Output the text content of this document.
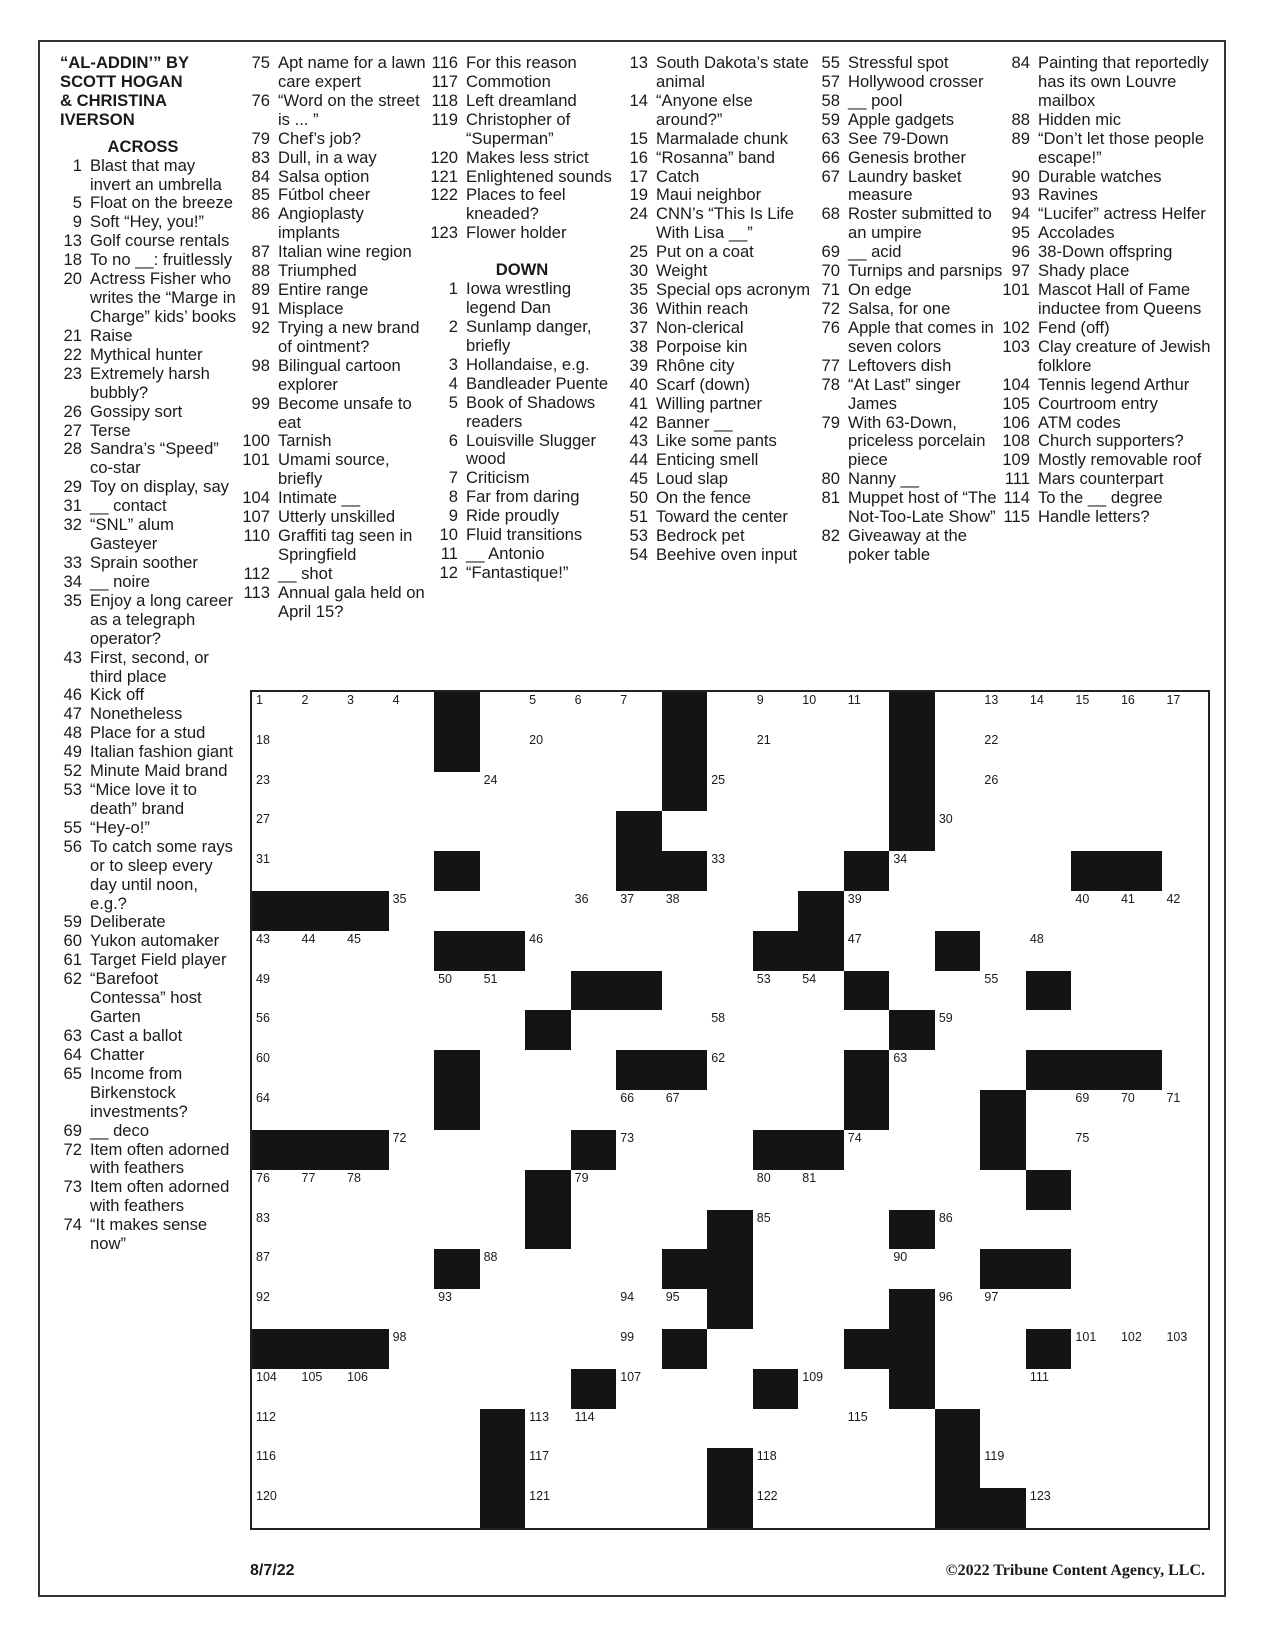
“AL-ADDIN’” BY
SCOTT HOGAN
& CHRISTINA
IVERSON
ACROSS
1 Blast that may invert an umbrella
5 Float on the breeze
9 Soft “Hey, you!”
13 Golf course rentals
18 To no __: fruitlessly
20 Actress Fisher who writes the “Marge in Charge” kids’ books
21 Raise
22 Mythical hunter
23 Extremely harsh bubbly?
26 Gossipy sort
27 Terse
28 Sandra’s “Speed” co-star
29 Toy on display, say
31 __ contact
32 “SNL” alum Gasteyer
33 Sprain soother
34 __ noire
35 Enjoy a long career as a telegraph operator?
43 First, second, or third place
46 Kick off
47 Nonetheless
48 Place for a stud
49 Italian fashion giant
52 Minute Maid brand
53 “Mice love it to death” brand
55 “Hey-o!”
56 To catch some rays or to sleep every day until noon, e.g.?
59 Deliberate
60 Yukon automaker
61 Target Field player
62 “Barefoot Contessa” host Garten
63 Cast a ballot
64 Chatter
65 Income from Birkenstock investments?
69 __ deco
72 Item often adorned with feathers
73 Item often adorned with feathers
74 “It makes sense now”
75 Apt name for a lawn care expert
76 “Word on the street is ... ”
79 Chef’s job?
83 Dull, in a way
84 Salsa option
85 Fútbol cheer
86 Angioplasty implants
87 Italian wine region
88 Triumphed
89 Entire range
91 Misplace
92 Trying a new brand of ointment?
98 Bilingual cartoon explorer
99 Become unsafe to eat
100 Tarnish
101 Umami source, briefly
104 Intimate __
107 Utterly unskilled
110 Graffiti tag seen in Springfield
112 __ shot
113 Annual gala held on April 15?
116 For this reason
117 Commotion
118 Left dreamland
119 Christopher of “Superman”
120 Makes less strict
121 Enlightened sounds
122 Places to feel kneaded?
123 Flower holder
DOWN
1 Iowa wrestling legend Dan
2 Sunlamp danger, briefly
3 Hollandaise, e.g.
4 Bandleader Puente
5 Book of Shadows readers
6 Louisville Slugger wood
7 Criticism
8 Far from daring
9 Ride proudly
10 Fluid transitions
11 __ Antonio
12 “Fantastique!”
13 South Dakota’s state animal
14 “Anyone else around?”
15 Marmalade chunk
16 “Rosanna” band
17 Catch
19 Maui neighbor
24 CNN’s “This Is Life With Lisa __”
25 Put on a coat
30 Weight
35 Special ops acronym
36 Within reach
37 Non-clerical
38 Porpoise kin
39 Rhône city
40 Scarf (down)
41 Willing partner
42 Banner __
43 Like some pants
44 Enticing smell
45 Loud slap
50 On the fence
51 Toward the center
53 Bedrock pet
54 Beehive oven input
55 Stressful spot
57 Hollywood crosser
58 __ pool
59 Apple gadgets
63 See 79-Down
66 Genesis brother
67 Laundry basket measure
68 Roster submitted to an umpire
69 __ acid
70 Turnips and parsnips
71 On edge
72 Salsa, for one
76 Apple that comes in seven colors
77 Leftovers dish
78 “At Last” singer James
79 With 63-Down, priceless porcelain piece
80 Nanny __
81 Muppet host of “The Not-Too-Late Show”
82 Giveaway at the poker table
84 Painting that reportedly has its own Louvre mailbox
88 Hidden mic
89 “Don’t let those people escape!”
90 Durable watches
93 Ravines
94 “Lucifer” actress Helfer
95 Accolades
96 38-Down offspring
97 Shady place
101 Mascot Hall of Fame inductee from Queens
102 Fend (off)
103 Clay creature of Jewish folklore
104 Tennis legend Arthur
105 Courtroom entry
106 ATM codes
108 Church supporters?
109 Mostly removable roof
111 Mars counterpart
114 To the __ degree
115 Handle letters?
1	2	3	4	5	6	7	9	10	11	13	14	15	16	17
18	20	21	22
23	24	25	26
27	30
31	33	34
35	36	37	38	39	40	41	42
43	44	45	46	47	48
49	50	51	53	54	55
56	58	59
60	62	63
64	66	67	69	70	71
72	73	74	75
76	77	78	79	80	81
83	85	86
87	88	90
92	93	94	95	96	97
98	99	101 102 103
104 105 106	107	109	111
112	113 114	115
116	117	118	119
120	121	122	123
8/7/22	©2022 Tribune Content Agency, LLC.
